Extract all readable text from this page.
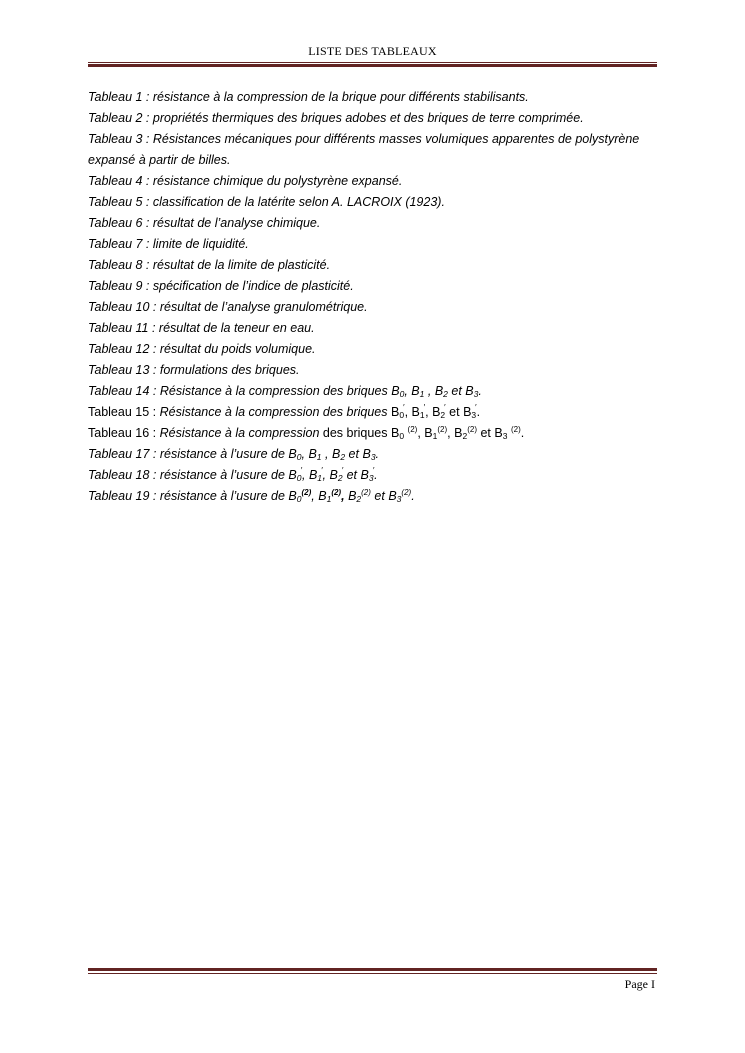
LISTE DES TABLEAUX
Tableau 1 : résistance à la compression de la brique pour différents stabilisants.
Tableau 2 : propriétés thermiques des briques adobes et des briques de terre comprimée.
Tableau 3 : Résistances mécaniques pour différents masses volumiques apparentes de polystyrène expansé à partir de billes.
Tableau 4 : résistance chimique du polystyrène expansé.
Tableau 5 : classification de la latérite selon A. LACROIX (1923).
Tableau 6 : résultat de l’analyse chimique.
Tableau 7 : limite de liquidité.
Tableau 8 : résultat de la limite de plasticité.
Tableau 9 : spécification de l’indice de plasticité.
Tableau 10 : résultat de l’analyse granulométrique.
Tableau 11 : résultat de la teneur en eau.
Tableau 12 : résultat du poids volumique.
Tableau 13 : formulations des briques.
Tableau 14 : Résistance à la compression des briques $B_0$, $B_1$ , $B_2$ et $B_3$.
Tableau 15 : Résistance à la compression des briques $B_0'$, $B_1'$, $B_2'$ et $B_3'$.
Tableau 16 : Résistance à la compression des briques $B_0$ $^{(2)}$, $B_1^{(2)}$, $B_2^{(2)}$ et $B_3$ $^{(2)}$.
Tableau 17 : résistance à l’usure de $B_0$, $B_1$ , $B_2$ et $B_3$.
Tableau 18 : résistance à l’usure de $B_0'$, $B_1'$, $B_2'$ et $B_3'$.
Tableau 19 : résistance à l’usure de $B_0^{(2)}$, $B_1^{(2)}$, $B_2^{(2)}$ et $B_3^{(2)}$.
Page I
